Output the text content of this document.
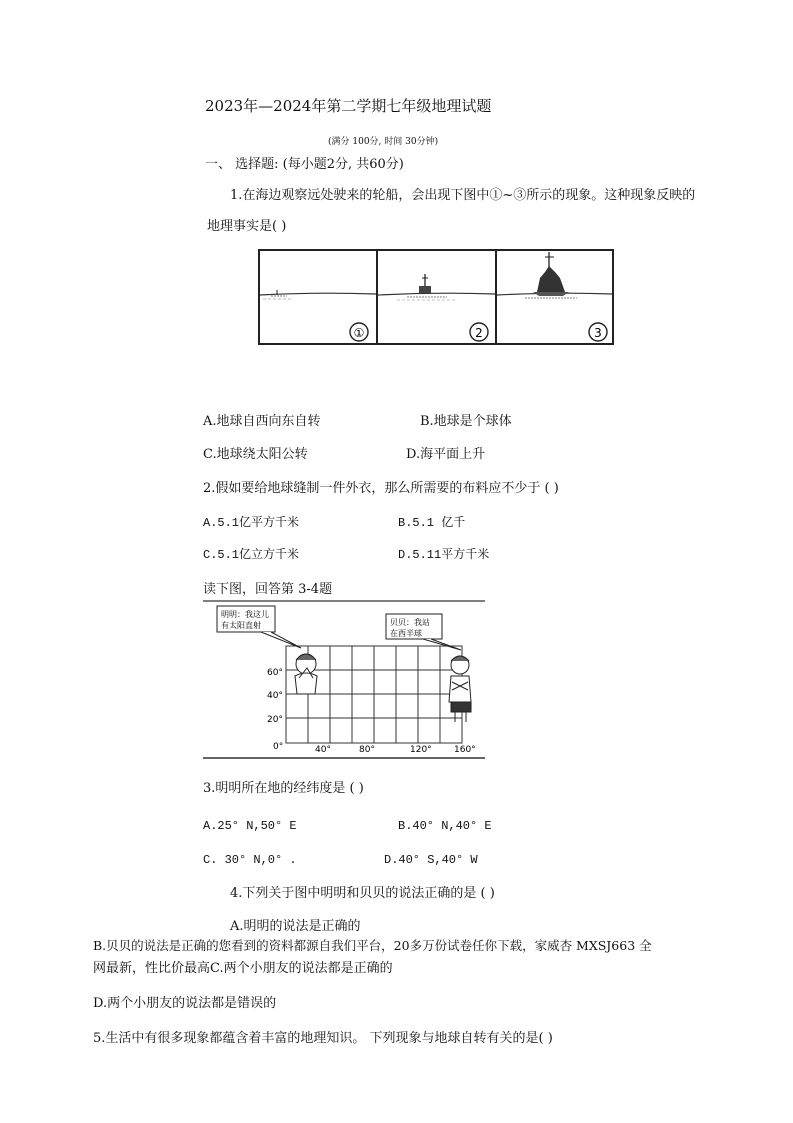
2023年—2024年第二学期七年级地理试题
(满分 100分, 时间 30分钟)
一、 选择题: (每小题2分, 共60分)
1.在海边观察远处驶来的轮船，会出现下图中①~③所示的现象。这种现象反映的
地理事实是( )
①	2	3
A.地球自西向东自转	B.地球是个球体
C.地球绕太阳公转	D.海平面上升
2.假如要给地球缝制一件外衣，那么所需要的布料应不少于 ( )
A.5.1亿平方千米	B.5.1 亿千
C.5.1亿立方千米	D.5.11平方千米
读下图，回答第 3-4题
明明：我这儿
有太阳直射	贝贝：我站
在西半球
60°
40°
20°
0°	40°	80°	120° 160°
3.明明所在地的经纬度是 ( )
A.25° N,50° E	B.40° N,40° E
C. 30° N,0° .	D.40° S,40° W
4.下列关于图中明明和贝贝的说法正确的是 ( )
A.明明的说法是正确的
B.贝贝的说法是正确的您看到的资料都源自我们平台，20多万份试卷任你下载，家威杏 MXSJ663 全
网最新，性比价最高C.两个小朋友的说法都是正确的
D.两个小朋友的说法都是错误的
5.生活中有很多现象都蕴含着丰富的地理知识。 下列现象与地球自转有关的是( )
